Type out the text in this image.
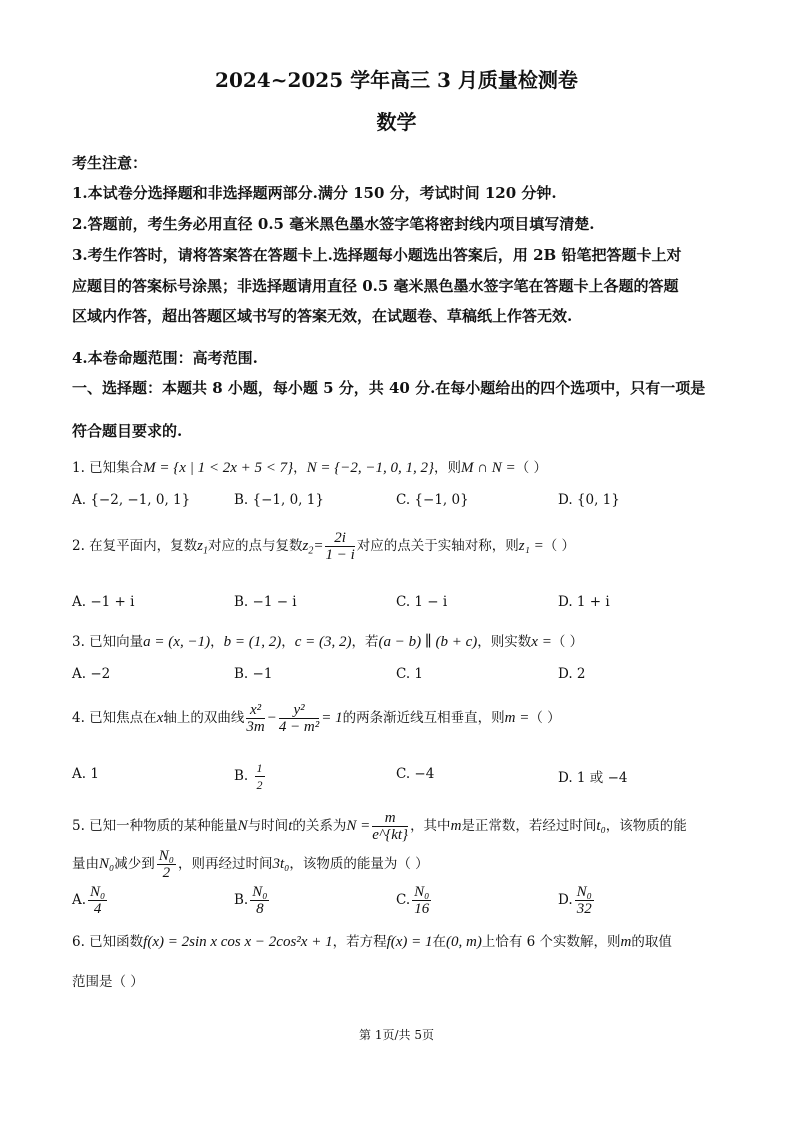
2024~2025 学年高三 3 月质量检测卷
数学
考生注意：
1.本试卷分选择题和非选择题两部分.满分 150 分，考试时间 120 分钟.
2.答题前，考生务必用直径 0.5 毫米黑色墨水签字笔将密封线内项目填写清楚.
3.考生作答时，请将答案答在答题卡上.选择题每小题选出答案后，用 2B 铅笔把答题卡上对
应题目的答案标号涂黑；非选择题请用直径 0.5 毫米黑色墨水签字笔在答题卡上各题的答题
区域内作答，超出答题区域书写的答案无效，在试题卷、草稿纸上作答无效.
4.本卷命题范围：高考范围.
一、选择题：本题共 8 小题，每小题 5 分，共 40 分.在每小题给出的四个选项中，只有一项是
符合题目要求的.
1. 已知集合M = {x | 1 < 2x + 5 < 7}，N = {−2, −1, 0, 1, 2}，则M ∩ N =（ ）
A. {−2, −1, 0, 1}	B. {−1, 0, 1}	C. {−1, 0}	D. {0, 1}
2. 在复平面内，复数$z_1$对应的点与复数$z_2= \frac{2i}{1 - i}$ 对应的点关于实轴对称，则z₁ =（ ）
A. −1 + i	B. −1 − i	C. 1 − i	D. 1 + i
3. 已知向量a = (x, −1)，b = (1, 2)，c = (3, 2)，若(a − b) ∥ (b + c)，则实数x =（ ）
A. −2	B. −1	C. 1	D. 2
4. 已知焦点在x轴上的双曲线 $\frac{\text{x²}}{3m} - \frac{\text{y²}}{\text{4 − m²}} = 1$的两条渐近线互相垂直，则m =（ ）
A. 1	B. $\frac{1}{2}$	C. −4	D. 1 或 −4
5. 已知一种物质的某种能量N与时间t的关系为$N = \frac{m}{e\^{}\{kt\}}$ ，其中m是正常数，若经过时间t₀，该物质的能
量由N₀减少到 $\frac{\text{N₀}}{2}$ ，则再经过时间3t₀，该物质的能量为（ ）
A. $\frac{\text{N₀}}{4}$	B. $\frac{\text{N₀}}{8}$	C. $\frac{\text{N₀}}{16}$	D. $\frac{\text{N₀}}{32}$
6. 已知函数f(x) = 2sin x cos x − 2cos²x + 1，若方程f(x) = 1在(0, m)上恰有 6 个实数解，则m的取值
范围是（ ）
第 1页/共 5页
